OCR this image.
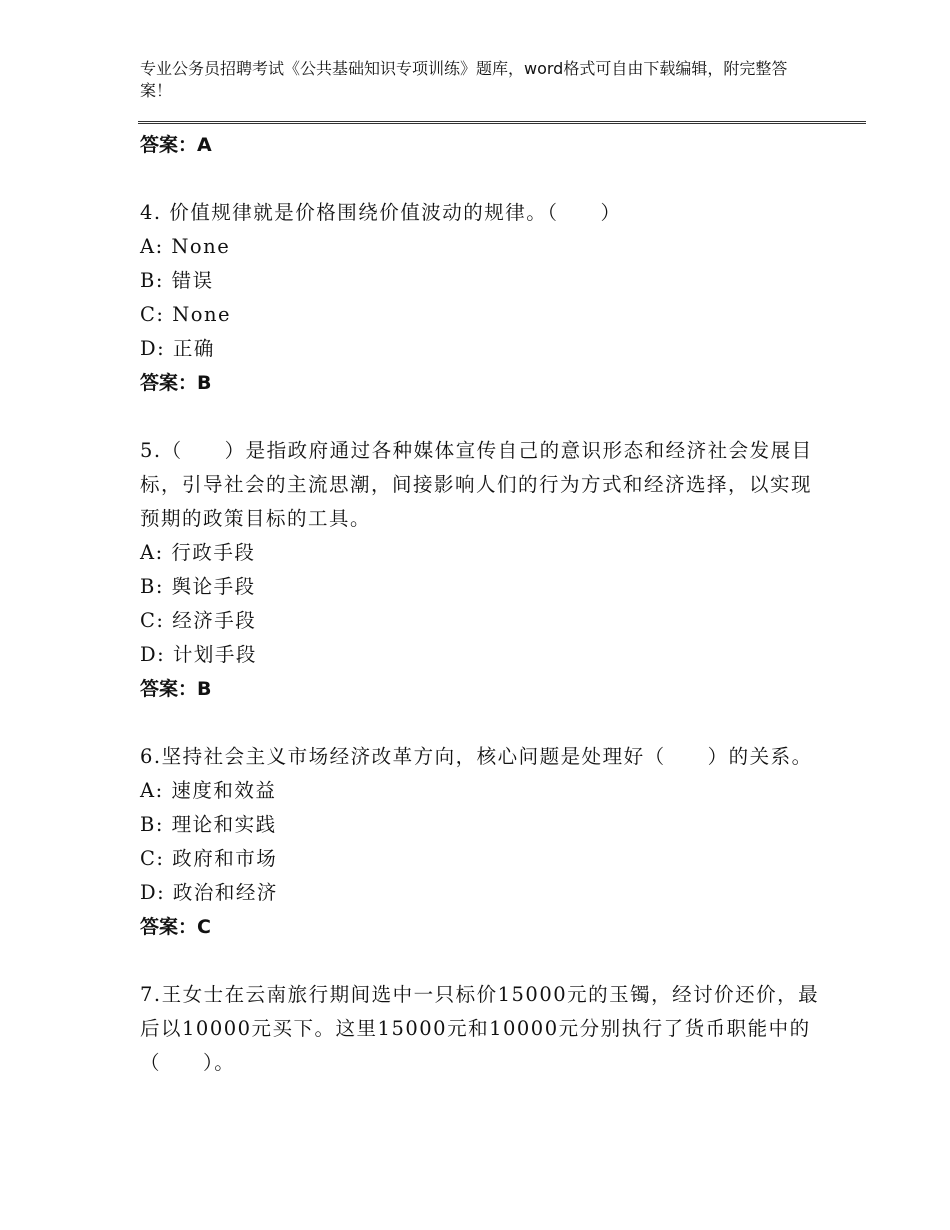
专业公务员招聘考试《公共基础知识专项训练》题库，word格式可自由下载编辑，附完整答案！
答案：A

4. 价值规律就是价格围绕价值波动的规律。（　　）

A: None
B: 错误
C: None
D: 正确
答案：B

5.（　　）是指政府通过各种媒体宣传自己的意识形态和经济社会发展目标，引导社会的主流思潮，间接影响人们的行为方式和经济选择，以实现预期的政策目标的工具。

A: 行政手段
B: 舆论手段
C: 经济手段
D: 计划手段
答案：B

6.坚持社会主义市场经济改革方向，核心问题是处理好（　　）的关系。

A: 速度和效益
B: 理论和实践
C: 政府和市场
D: 政治和经济
答案：C

7.王女士在云南旅行期间选中一只标价15000元的玉镯，经讨价还价，最后以10000元买下。这里15000元和10000元分别执行了货币职能中的（　　）。
